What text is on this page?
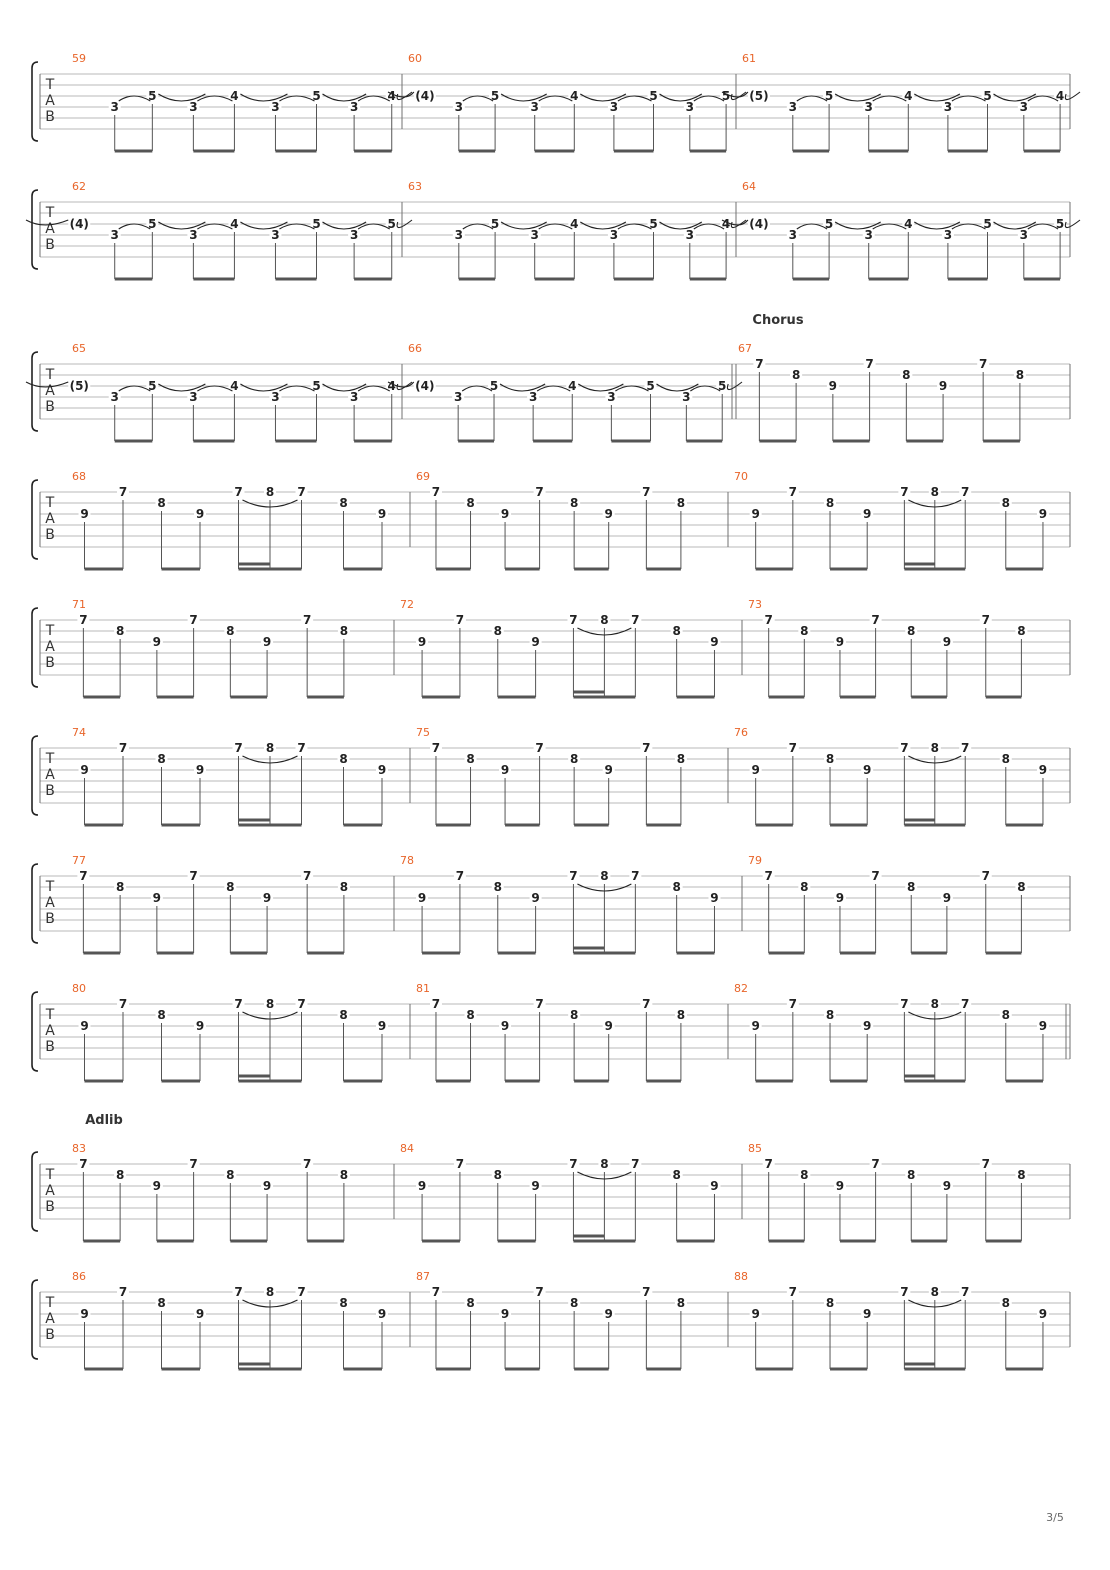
T
A
B
59
3
5
3
4
3
5
3
4
60
(4)
3
5
3
4
3
5
3
5
61
(5)
3
5
3
4
3
5
3
4
T
A
B
62
(4)
3
5
3
4
3
5
3
5
63
3
5
3
4
3
5
3
4
64
(4)
3
5
3
4
3
5
3
5
Chorus
T
A
B
65
(5)
3
5
3
4
3
5
3
4
66
(4)
3
5
3
4
3
5
3
5
67
7
8
9
7
8
9
7
8
T
A
B
68
9
7
8
9
7 8 7
8
9
69
7
8
9
7
8
9
7
8
70
9
7
8
9
7 8 7
8
9
T
A
B
71
7
8
9
7
8
9
7
8
72
9
7
8
9
7 8 7
8
9
73
7
8
9
7
8
9
7
8
T
A
B
74
9
7
8
9
7 8 7
8
9
75
7
8
9
7
8
9
7
8
76
9
7
8
9
7 8 7
8
9
T
A
B
77
7
8
9
7
8
9
7
8
78
9
7
8
9
7 8 7
8
9
79
7
8
9
7
8
9
7
8
T
A
B
80
9
7
8
9
7 8 7
8
9
81
7
8
9
7
8
9
7
8
82
9
7
8
9
7 8 7
8
9
Adlib
T
A
B
83
7
8
9
7
8
9
7
8
84
9
7
8
9
7 8 7
8
9
85
7
8
9
7
8
9
7
8
T
A
B
86
9
7
8
9
7 8 7
8
9
87
7
8
9
7
8
9
7
8
88
9
7
8
9
7 8 7
8
9
3/5
